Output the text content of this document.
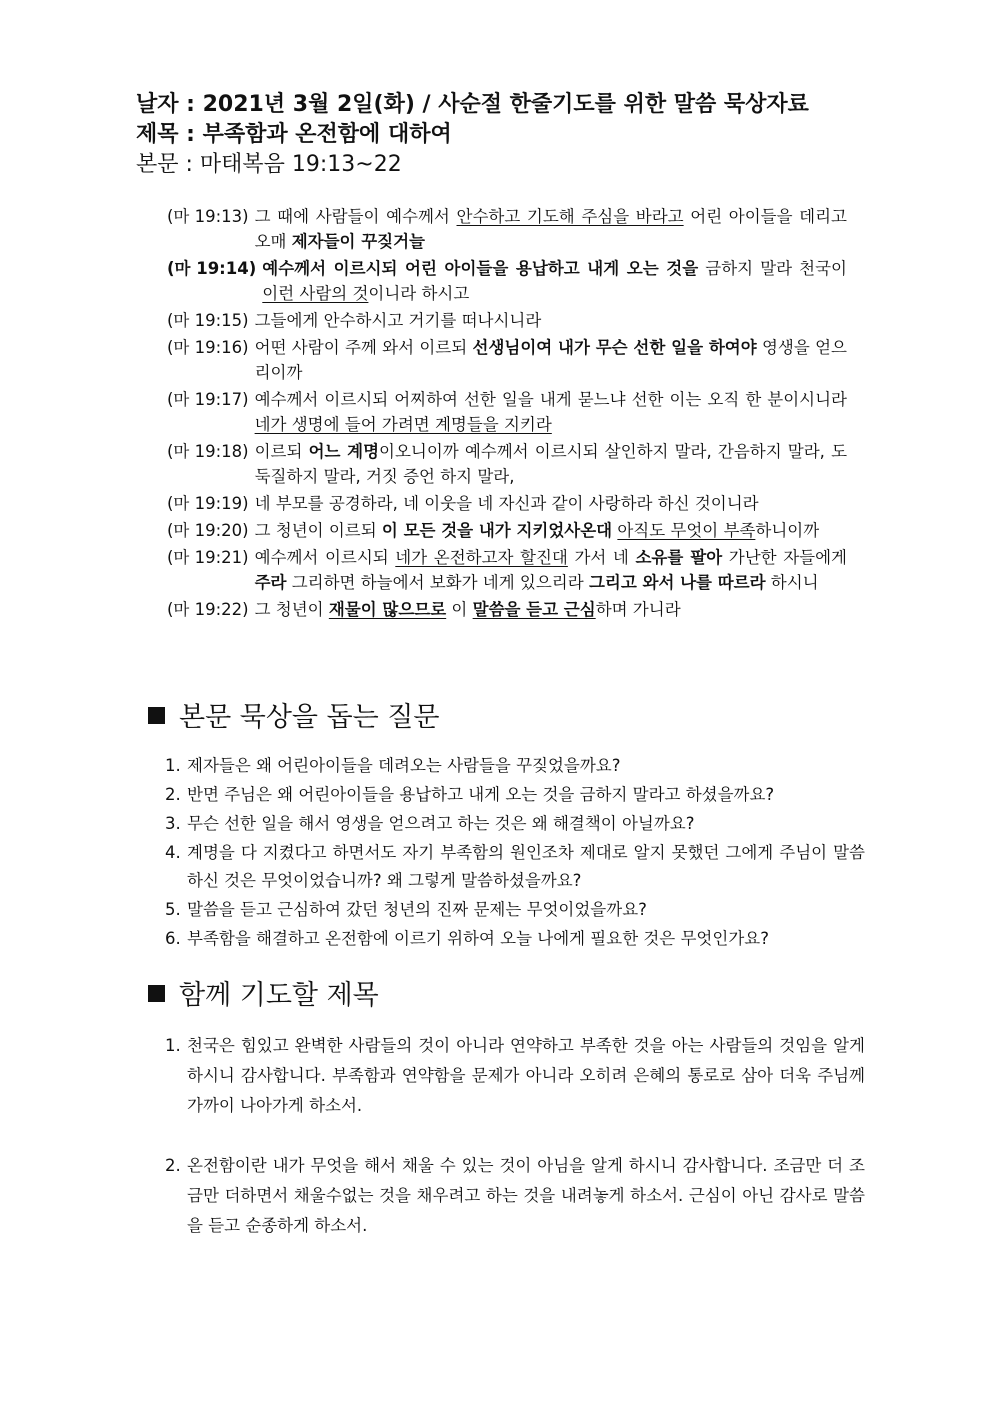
날자 : 2021년 3월 2일(화) / 사순절 한줄기도를 위한 말씀 묵상자료
제목 : 부족함과 온전함에 대하여
본문 : 마태복음 19:13~22
(마 19:13) 그 때에 사람들이 예수께서 안수하고 기도해 주심을 바라고 어린 아이들을 데리고 오매 제자들이 꾸짖거늘
(마 19:14) 예수께서 이르시되 어린 아이들을 용납하고 내게 오는 것을 금하지 말라 천국이 이런 사람의 것이니라 하시고
(마 19:15) 그들에게 안수하시고 거기를 떠나시니라
(마 19:16) 어떤 사람이 주께 와서 이르되 선생님이여 내가 무슨 선한 일을 하여야 영생을 얻으리이까
(마 19:17) 예수께서 이르시되 어찌하여 선한 일을 내게 묻느냐 선한 이는 오직 한 분이시니라 네가 생명에 들어 가려면 계명들을 지키라
(마 19:18) 이르되 어느 계명이오니이까 예수께서 이르시되 살인하지 말라, 간음하지 말라, 도둑질하지 말라, 거짓 증언 하지 말라,
(마 19:19) 네 부모를 공경하라, 네 이웃을 네 자신과 같이 사랑하라 하신 것이니라
(마 19:20) 그 청년이 이르되 이 모든 것을 내가 지키었사온대 아직도 무엇이 부족하니이까
(마 19:21) 예수께서 이르시되 네가 온전하고자 할진대 가서 네 소유를 팔아 가난한 자들에게 주라 그리하면 하늘에서 보화가 네게 있으리라 그리고 와서 나를 따르라 하시니
(마 19:22) 그 청년이 재물이 많으므로 이 말씀을 듣고 근심하며 가니라
본문 묵상을 돕는 질문
1. 제자들은 왜 어린아이들을 데려오는 사람들을 꾸짖었을까요?
2. 반면 주님은 왜 어린아이들을 용납하고 내게 오는 것을 금하지 말라고 하셨을까요?
3. 무슨 선한 일을 해서 영생을 얻으려고 하는 것은 왜 해결책이 아닐까요?
4. 계명을 다 지켰다고 하면서도 자기 부족함의 원인조차 제대로 알지 못했던 그에게 주님이 말씀하신 것은 무엇이었습니까? 왜 그렇게 말씀하셨을까요?
5. 말씀을 듣고 근심하여 갔던 청년의 진짜 문제는 무엇이었을까요?
6. 부족함을 해결하고 온전함에 이르기 위하여 오늘 나에게 필요한 것은 무엇인가요?
함께 기도할 제목
1. 천국은 힘있고 완벽한 사람들의 것이 아니라 연약하고 부족한 것을 아는 사람들의 것임을 알게 하시니 감사합니다. 부족함과 연약함을 문제가 아니라 오히려 은혜의 통로로 삼아 더욱 주님께 가까이 나아가게 하소서.
2. 온전함이란 내가 무엇을 해서 채울 수 있는 것이 아님을 알게 하시니 감사합니다. 조금만 더 조금만 더하면서 채울수없는 것을 채우려고 하는 것을 내려놓게 하소서. 근심이 아닌 감사로 말씀을 듣고 순종하게 하소서.
